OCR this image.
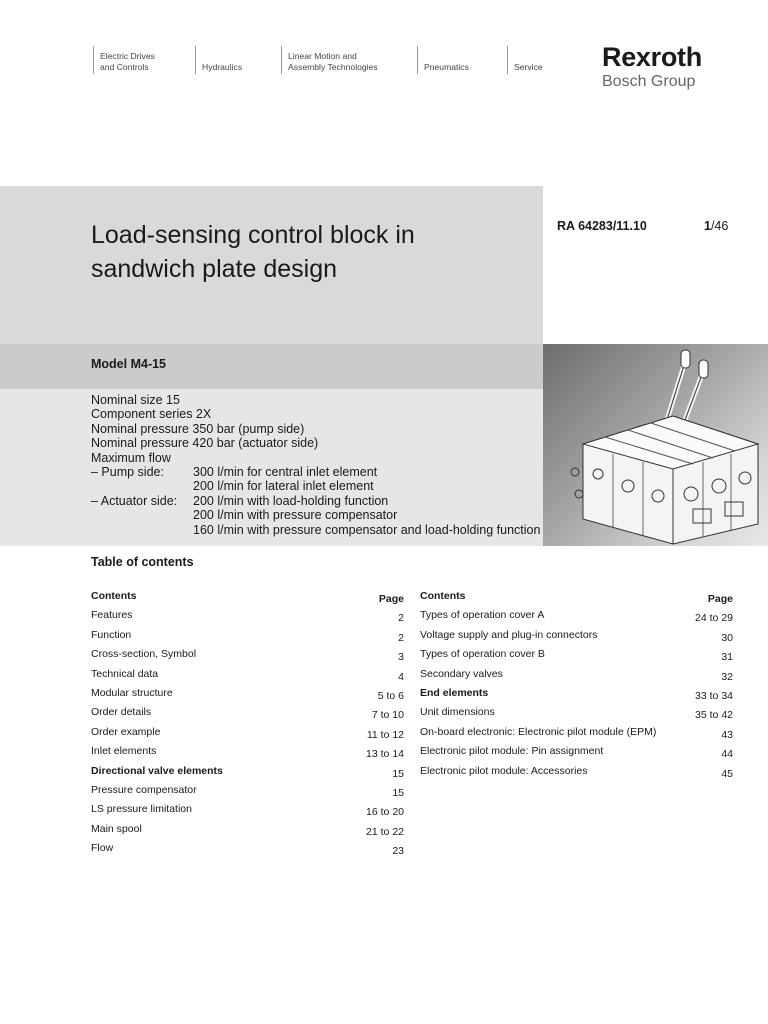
Electric Drives
and Controls	Hydraulics
Linear Motion and
Assembly Technologies	Pneumatics	Service Rexroth
Bosch Group
Load-sensing control block in sandwich plate design
RA 64283/11.10	1/46
Model M4-15
Nominal size 15
Component series 2X
Nominal pressure 350 bar (pump side)
Nominal pressure 420 bar (actuator side)
Maximum flow
– Pump side:	300 l/min for central inlet element
200 l/min for lateral inlet element
– Actuator side:	200 l/min with load-holding function
200 l/min with pressure compensator
160 l/min with pressure compensator and load-holding function
Table of contents
Contents	Page
Features	2
Function	2
Cross-section, Symbol	3
Technical data	4
Modular structure	5 to 6
Order details	7 to 10
Order example	11 to 12
Inlet elements	13 to 14
Directional valve elements	15
Pressure compensator	15
LS pressure limitation	16 to 20
Main spool	21 to 22
Flow	23
Contents	Page
Types of operation cover A	24 to 29
Voltage supply and plug-in connectors	30
Types of operation cover B	31
Secondary valves	32
End elements	33 to 34
Unit dimensions	35 to 42
On-board electronic: Electronic pilot module (EPM)	43
Electronic pilot module: Pin assignment	44
Electronic pilot module: Accessories	45
